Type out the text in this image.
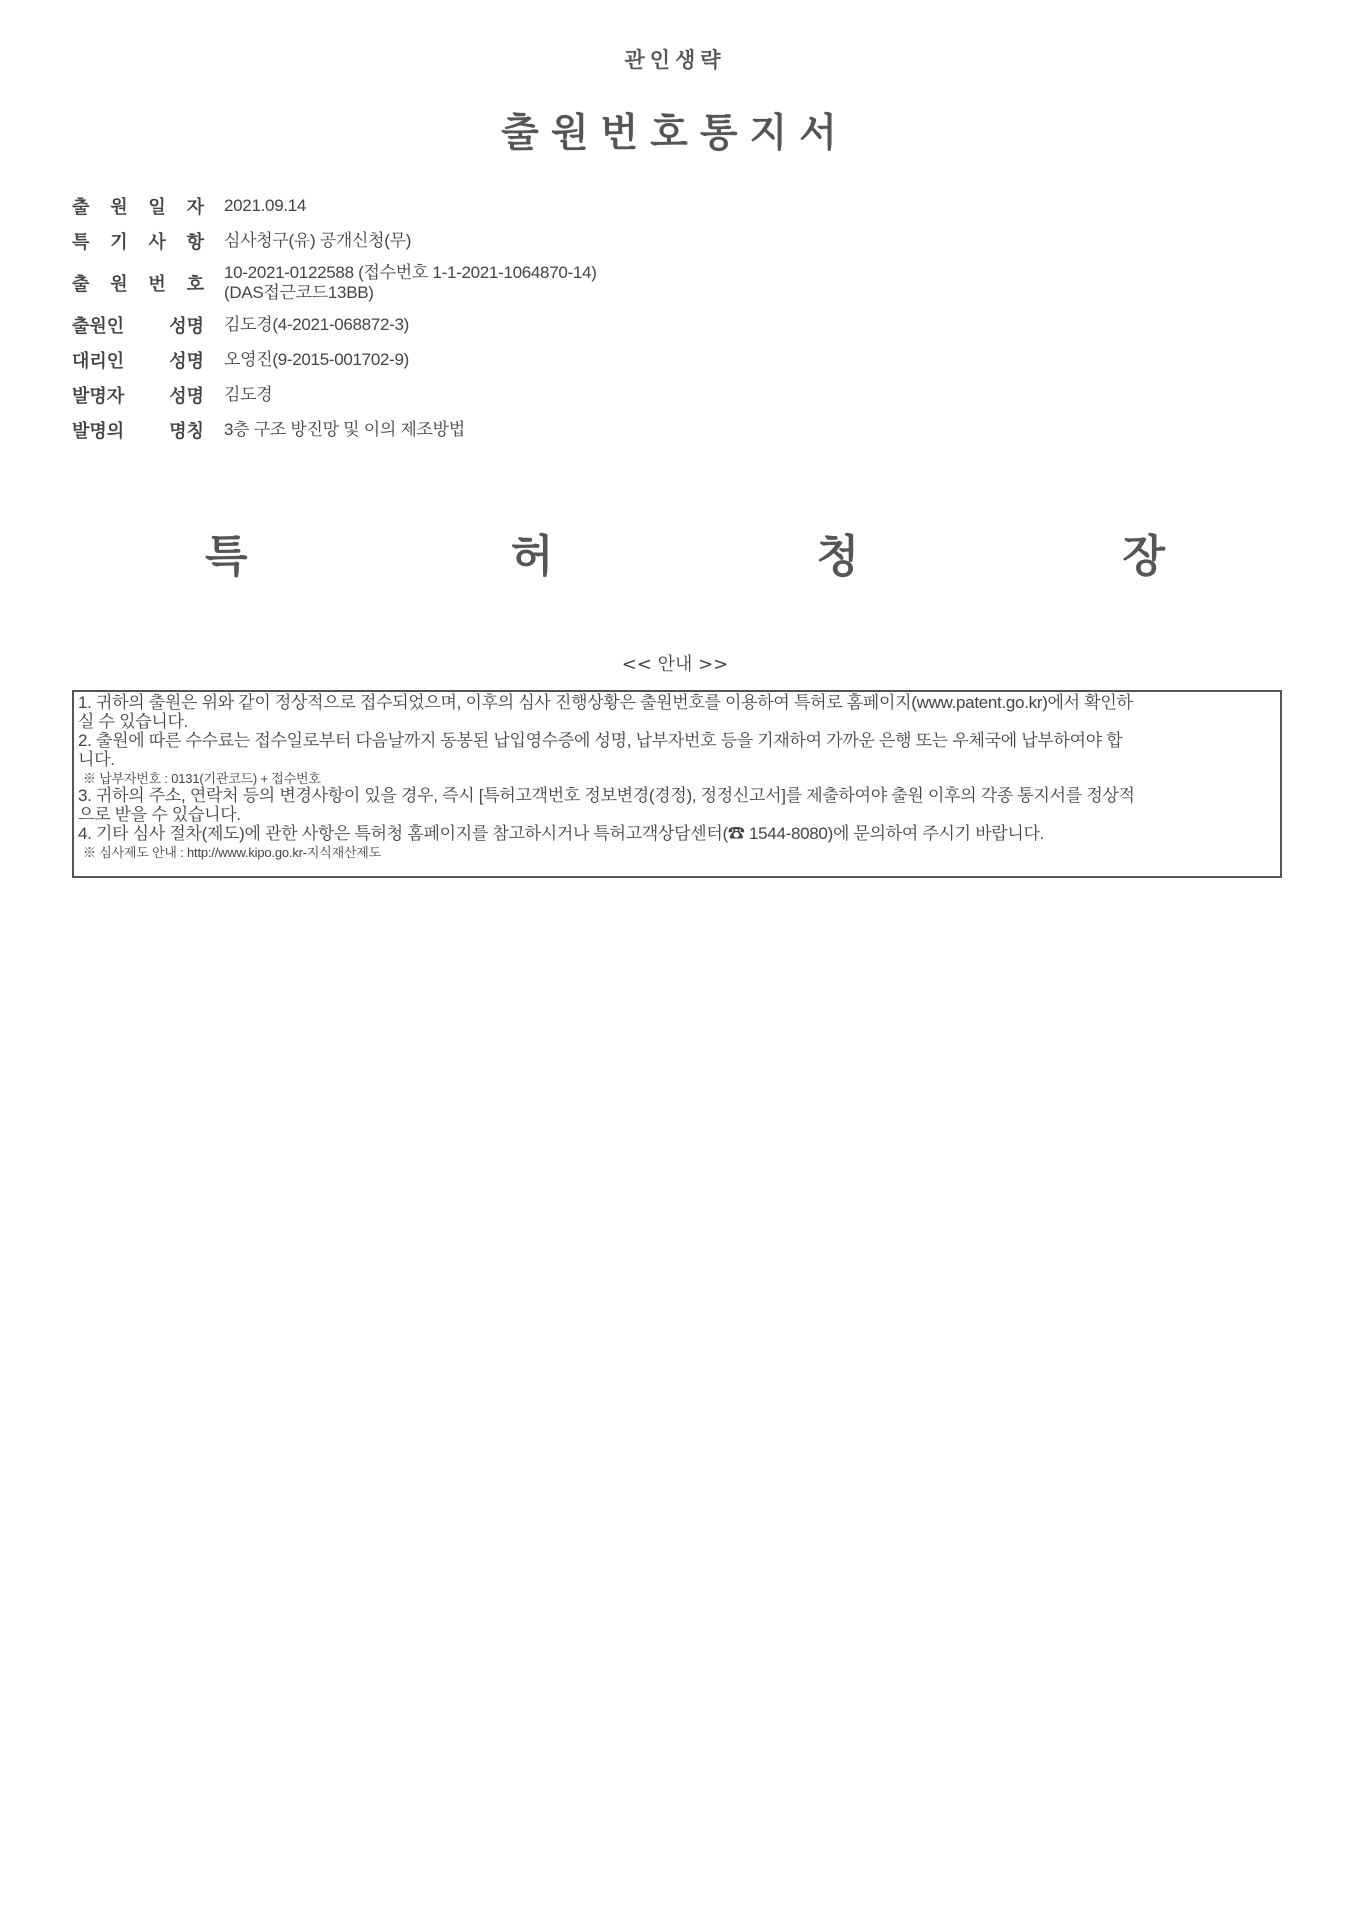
관인생략
출원번호통지서
출 원 일 자 2021.09.14
특 기 사 항 심사청구(유) 공개신청(무)
출 원 번 호
10-2021-0122588 (접수번호 1-1-2021-1064870-14)
(DAS접근코드13BB)
출원인	성명 김도경(4-2021-068872-3)
대리인	성명 오영진(9-2015-001702-9)
발명자	성명 김도경
발명의	명칭 3층 구조 방진망 및 이의 제조방법
특	허	청	장
<< 안내 >>

1. 귀하의 출원은 위와 같이 정상적으로 접수되었으며, 이후의 심사 진행상황은 출원번호를 이용하여 특허로 홈페이지(www.patent.go.kr)에서 확인하

실 수 있습니다.

2. 출원에 따른 수수료는 접수일로부터 다음날까지 동봉된 납입영수증에 성명, 납부자번호 등을 기재하여 가까운 은행 또는 우체국에 납부하여야 합

니다.

※ 납부자번호 : 0131(기관코드) + 접수번호

3. 귀하의 주소, 연락처 등의 변경사항이 있을 경우, 즉시 [특허고객번호 정보변경(경정), 정정신고서]를 제출하여야 출원 이후의 각종 통지서를 정상적

으로 받을 수 있습니다.

4. 기타 심사 절차(제도)에 관한 사항은 특허청 홈페이지를 참고하시거나 특허고객상담센터(☎ 1544-8080)에 문의하여 주시기 바랍니다.

※ 심사제도 안내 : http://www.kipo.go.kr-지식재산제도
